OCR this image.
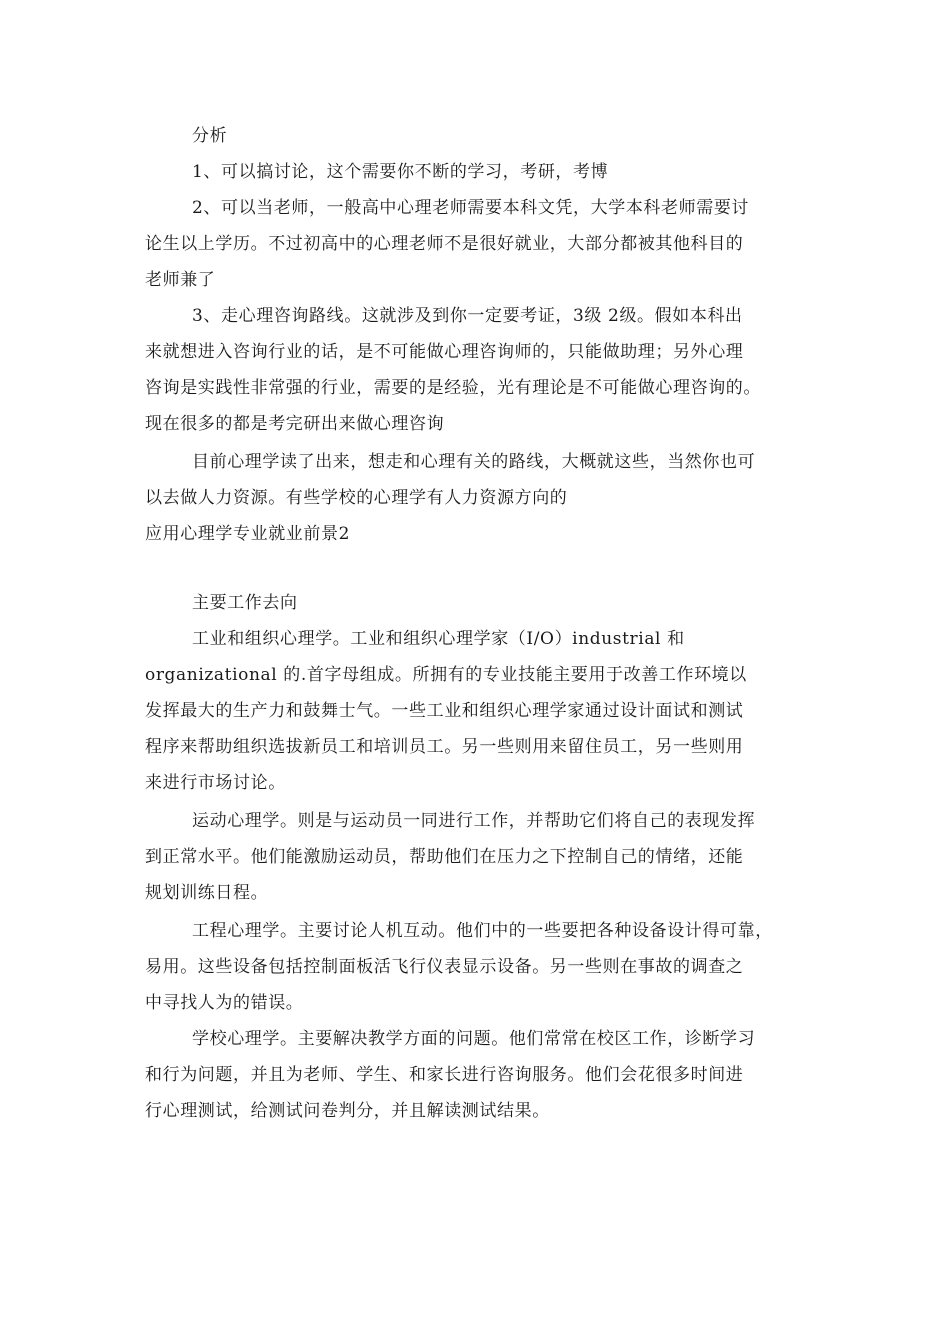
分析
1、可以搞讨论，这个需要你不断的学习，考研，考博
2、可以当老师，一般高中心理老师需要本科文凭，大学本科老师需要讨
论生以上学历。不过初高中的心理老师不是很好就业，大部分都被其他科目的
老师兼了
3、走心理咨询路线。这就涉及到你一定要考证，3级 2级。假如本科出
来就想进入咨询行业的话，是不可能做心理咨询师的，只能做助理；另外心理
咨询是实践性非常强的行业，需要的是经验，光有理论是不可能做心理咨询的。
现在很多的都是考完研出来做心理咨询
目前心理学读了出来，想走和心理有关的路线，大概就这些，当然你也可
以去做人力资源。有些学校的心理学有人力资源方向的
应用心理学专业就业前景2
主要工作去向
工业和组织心理学。工业和组织心理学家（I/O）industrial 和
organizational 的.首字母组成。所拥有的专业技能主要用于改善工作环境以
发挥最大的生产力和鼓舞士气。一些工业和组织心理学家通过设计面试和测试
程序来帮助组织选拔新员工和培训员工。另一些则用来留住员工，另一些则用
来进行市场讨论。
运动心理学。则是与运动员一同进行工作，并帮助它们将自己的表现发挥
到正常水平。他们能激励运动员，帮助他们在压力之下控制自己的情绪，还能
规划训练日程。
工程心理学。主要讨论人机互动。他们中的一些要把各种设备设计得可靠，
易用。这些设备包括控制面板活飞行仪表显示设备。另一些则在事故的调查之
中寻找人为的错误。
学校心理学。主要解决教学方面的问题。他们常常在校区工作，诊断学习
和行为问题，并且为老师、学生、和家长进行咨询服务。他们会花很多时间进
行心理测试，给测试问卷判分，并且解读测试结果。
